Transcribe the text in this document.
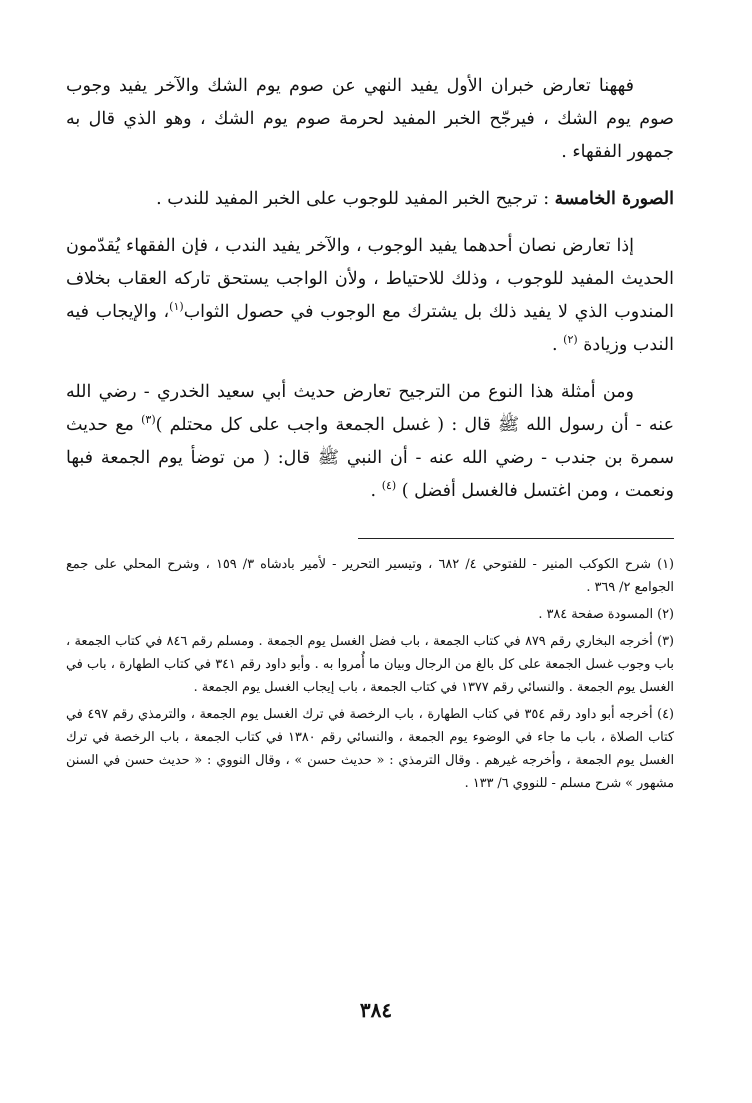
فههنا تعارض خبران الأول يفيد النهي عن صوم يوم الشك والآخر يفيد وجوب صوم يوم الشك ، فيرجّح الخبر المفيد لحرمة صوم يوم الشك ، وهو الذي قال به جمهور الفقهاء .

الصورة الخامسة : ترجيح الخبر المفيد للوجوب على الخبر المفيد للندب .

إذا تعارض نصان أحدهما يفيد الوجوب ، والآخر يفيد الندب ، فإن الفقهاء يُقدّمون الحديث المفيد للوجوب ، وذلك للاحتياط ، ولأن الواجب يستحق تاركه العقاب بخلاف المندوب الذي لا يفيد ذلك بل يشترك مع الوجوب في حصول الثواب$^{(١)}$، والإيجاب فيه الندب وزيادة $^{(٢)}$ .

ومن أمثلة هذا النوع من الترجيح تعارض حديث أبي سعيد الخدري - رضي الله عنه - أن رسول الله ﷺ قال : ( غسل الجمعة واجب على كل محتلم )$^{(٣)}$ مع حديث سمرة بن جندب - رضي الله عنه - أن النبي ﷺ قال: ( من توضأ يوم الجمعة فبها ونعمت ، ومن اغتسل فالغسل أفضل ) $^{(٤)}$ .

(١) شرح الكوكب المنير - للفتوحي ٤/ ٦٨٢ ، وتيسير التحرير - لأمير بادشاه ٣/ ١٥٩ ، وشرح المحلي على جمع الجوامع ٢/ ٣٦٩ .

(٢) المسودة صفحة ٣٨٤ .

(٣) أخرجه البخاري رقم ٨٧٩ في كتاب الجمعة ، باب فضل الغسل يوم الجمعة . ومسلم رقم ٨٤٦ في كتاب الجمعة ، باب وجوب غسل الجمعة على كل بالغ من الرجال وبيان ما أُمروا به . وأبو داود رقم ٣٤١ في كتاب الطهارة ، باب في الغسل يوم الجمعة . والنسائي رقم ١٣٧٧ في كتاب الجمعة ، باب إيجاب الغسل يوم الجمعة .

(٤) أخرجه أبو داود رقم ٣٥٤ في كتاب الطهارة ، باب الرخصة في ترك الغسل يوم الجمعة ، والترمذي رقم ٤٩٧ في كتاب الصلاة ، باب ما جاء في الوضوء يوم الجمعة ، والنسائي رقم ١٣٨٠ في كتاب الجمعة ، باب الرخصة في ترك الغسل يوم الجمعة ، وأخرجه غيرهم . وقال الترمذي : « حديث حسن » ، وقال النووي : « حديث حسن في السنن مشهور » شرح مسلم - للنووي ٦/ ١٣٣ .

٣٨٤
